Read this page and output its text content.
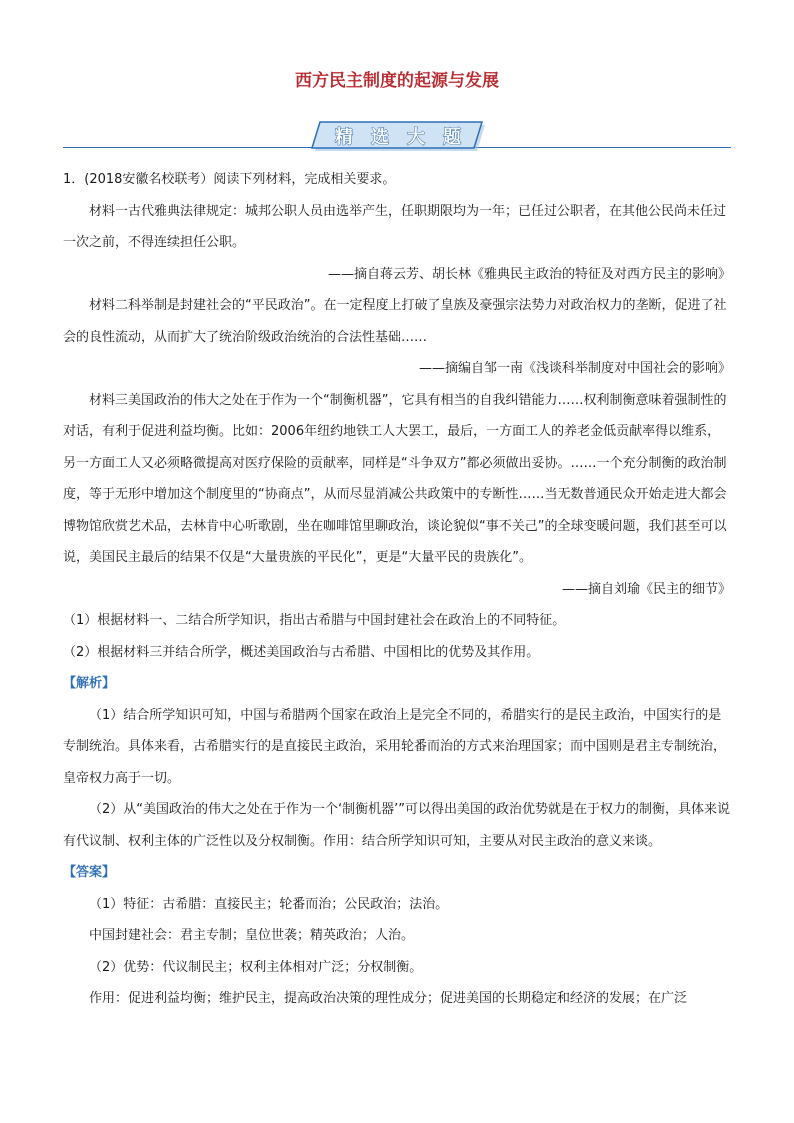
西方民主制度的起源与发展
精 选 大 题

1．(2018安徽名校联考）阅读下列材料，完成相关要求。

材料一古代雅典法律规定：城邦公职人员由选举产生，任职期限均为一年；已任过公职者，在其他公民尚未任过一次之前，不得连续担任公职。

——摘自蒋云芳、胡长林《雅典民主政治的特征及对西方民主的影响》

材料二科举制是封建社会的“平民政治”。在一定程度上打破了皇族及豪强宗法势力对政治权力的垄断，促进了社会的良性流动，从而扩大了统治阶级政治统治的合法性基础……

——摘编自邹一南《浅谈科举制度对中国社会的影响》

材料三美国政治的伟大之处在于作为一个“制衡机器”，它具有相当的自我纠错能力……权利制衡意味着强制性的对话，有利于促进利益均衡。比如：2006年纽约地铁工人大罢工，最后，一方面工人的养老金低贡献率得以维系，另一方面工人又必须略微提高对医疗保险的贡献率，同样是“斗争双方”都必须做出妥协。……一个充分制衡的政治制度，等于无形中增加这个制度里的“协商点”，从而尽显消减公共政策中的专断性……当无数普通民众开始走进大都会博物馆欣赏艺术品，去林肯中心听歌剧，坐在咖啡馆里聊政治，谈论貌似“事不关己”的全球变暖问题，我们甚至可以说，美国民主最后的结果不仅是“大量贵族的平民化”，更是“大量平民的贵族化”。

——摘自刘瑜《民主的细节》

（1）根据材料一、二结合所学知识，指出古希腊与中国封建社会在政治上的不同特征。

（2）根据材料三并结合所学，概述美国政治与古希腊、中国相比的优势及其作用。

【解析】

（1）结合所学知识可知，中国与希腊两个国家在政治上是完全不同的，希腊实行的是民主政治，中国实行的是专制统治。具体来看，古希腊实行的是直接民主政治，采用轮番而治的方式来治理国家；而中国则是君主专制统治，皇帝权力高于一切。

（2）从“美国政治的伟大之处在于作为一个‘制衡机器’”可以得出美国的政治优势就是在于权力的制衡，具体来说有代议制、权利主体的广泛性以及分权制衡。作用：结合所学知识可知，主要从对民主政治的意义来谈。

【答案】

（1）特征：古希腊：直接民主；轮番而治；公民政治；法治。

中国封建社会：君主专制；皇位世袭；精英政治；人治。

（2）优势：代议制民主；权利主体相对广泛；分权制衡。

作用：促进利益均衡；维护民主，提高政治决策的理性成分；促进美国的长期稳定和经济的发展；在广泛
